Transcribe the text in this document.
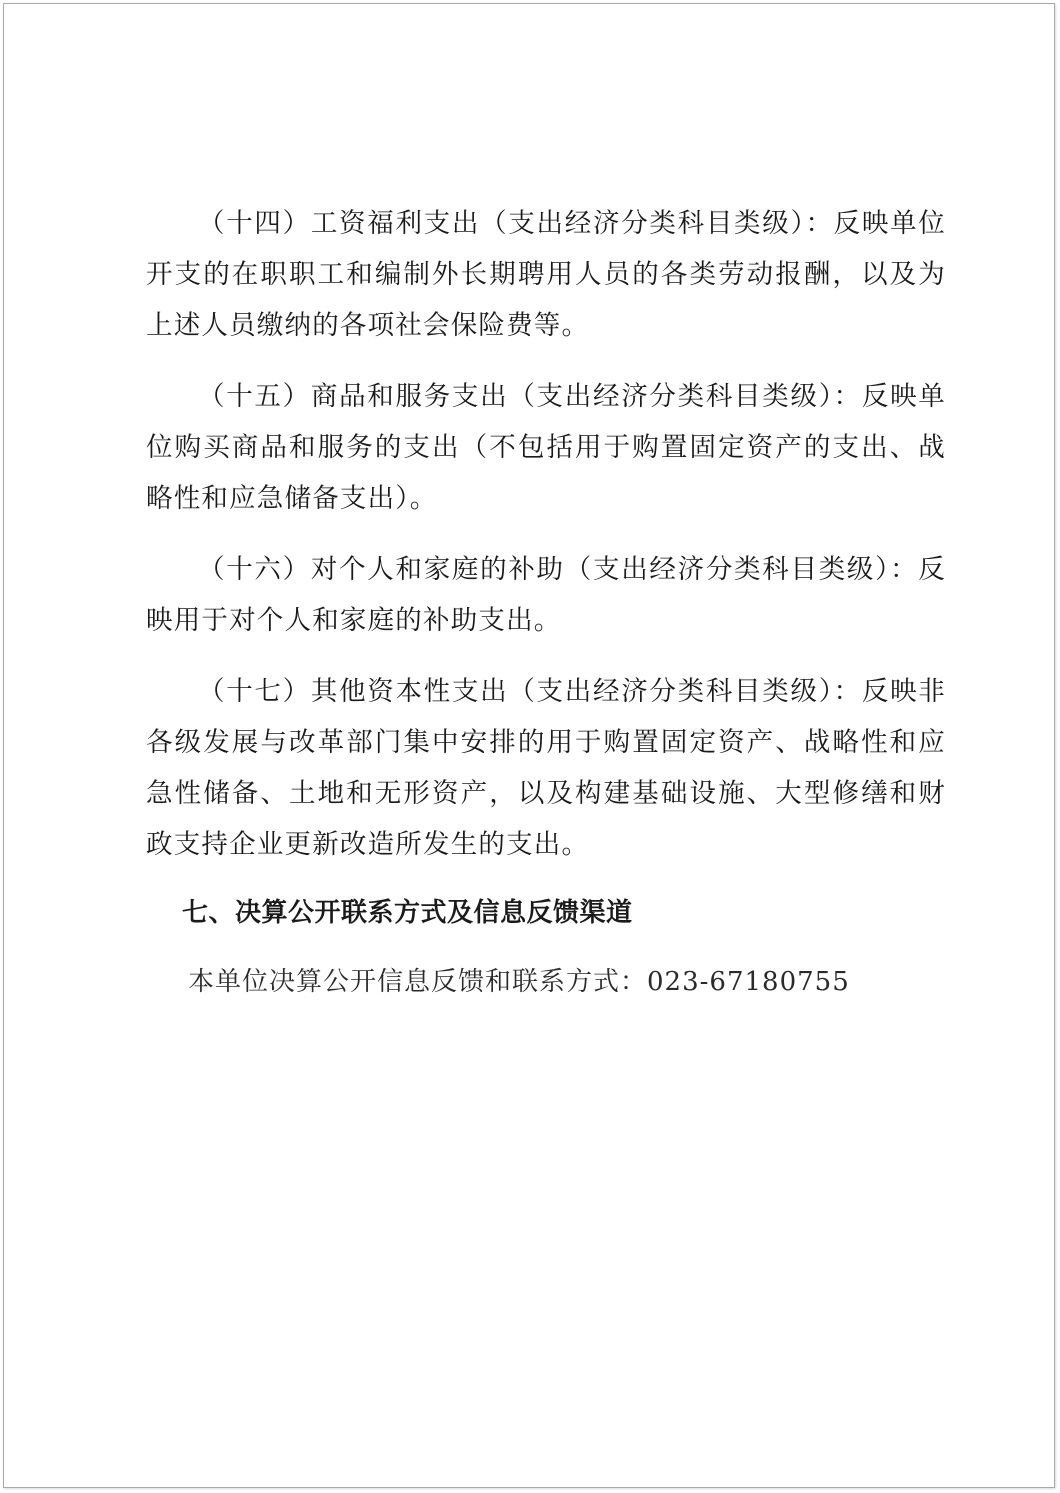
（十四）工资福利支出（支出经济分类科目类级）：反映单位开支的在职职工和编制外长期聘用人员的各类劳动报酬，以及为上述人员缴纳的各项社会保险费等。

（十五）商品和服务支出（支出经济分类科目类级）：反映单位购买商品和服务的支出（不包括用于购置固定资产的支出、战略性和应急储备支出）。

（十六）对个人和家庭的补助（支出经济分类科目类级）：反映用于对个人和家庭的补助支出。

（十七）其他资本性支出（支出经济分类科目类级）：反映非各级发展与改革部门集中安排的用于购置固定资产、战略性和应急性储备、土地和无形资产，以及构建基础设施、大型修缮和财政支持企业更新改造所发生的支出。

七、决算公开联系方式及信息反馈渠道

本单位决算公开信息反馈和联系方式：023-67180755
